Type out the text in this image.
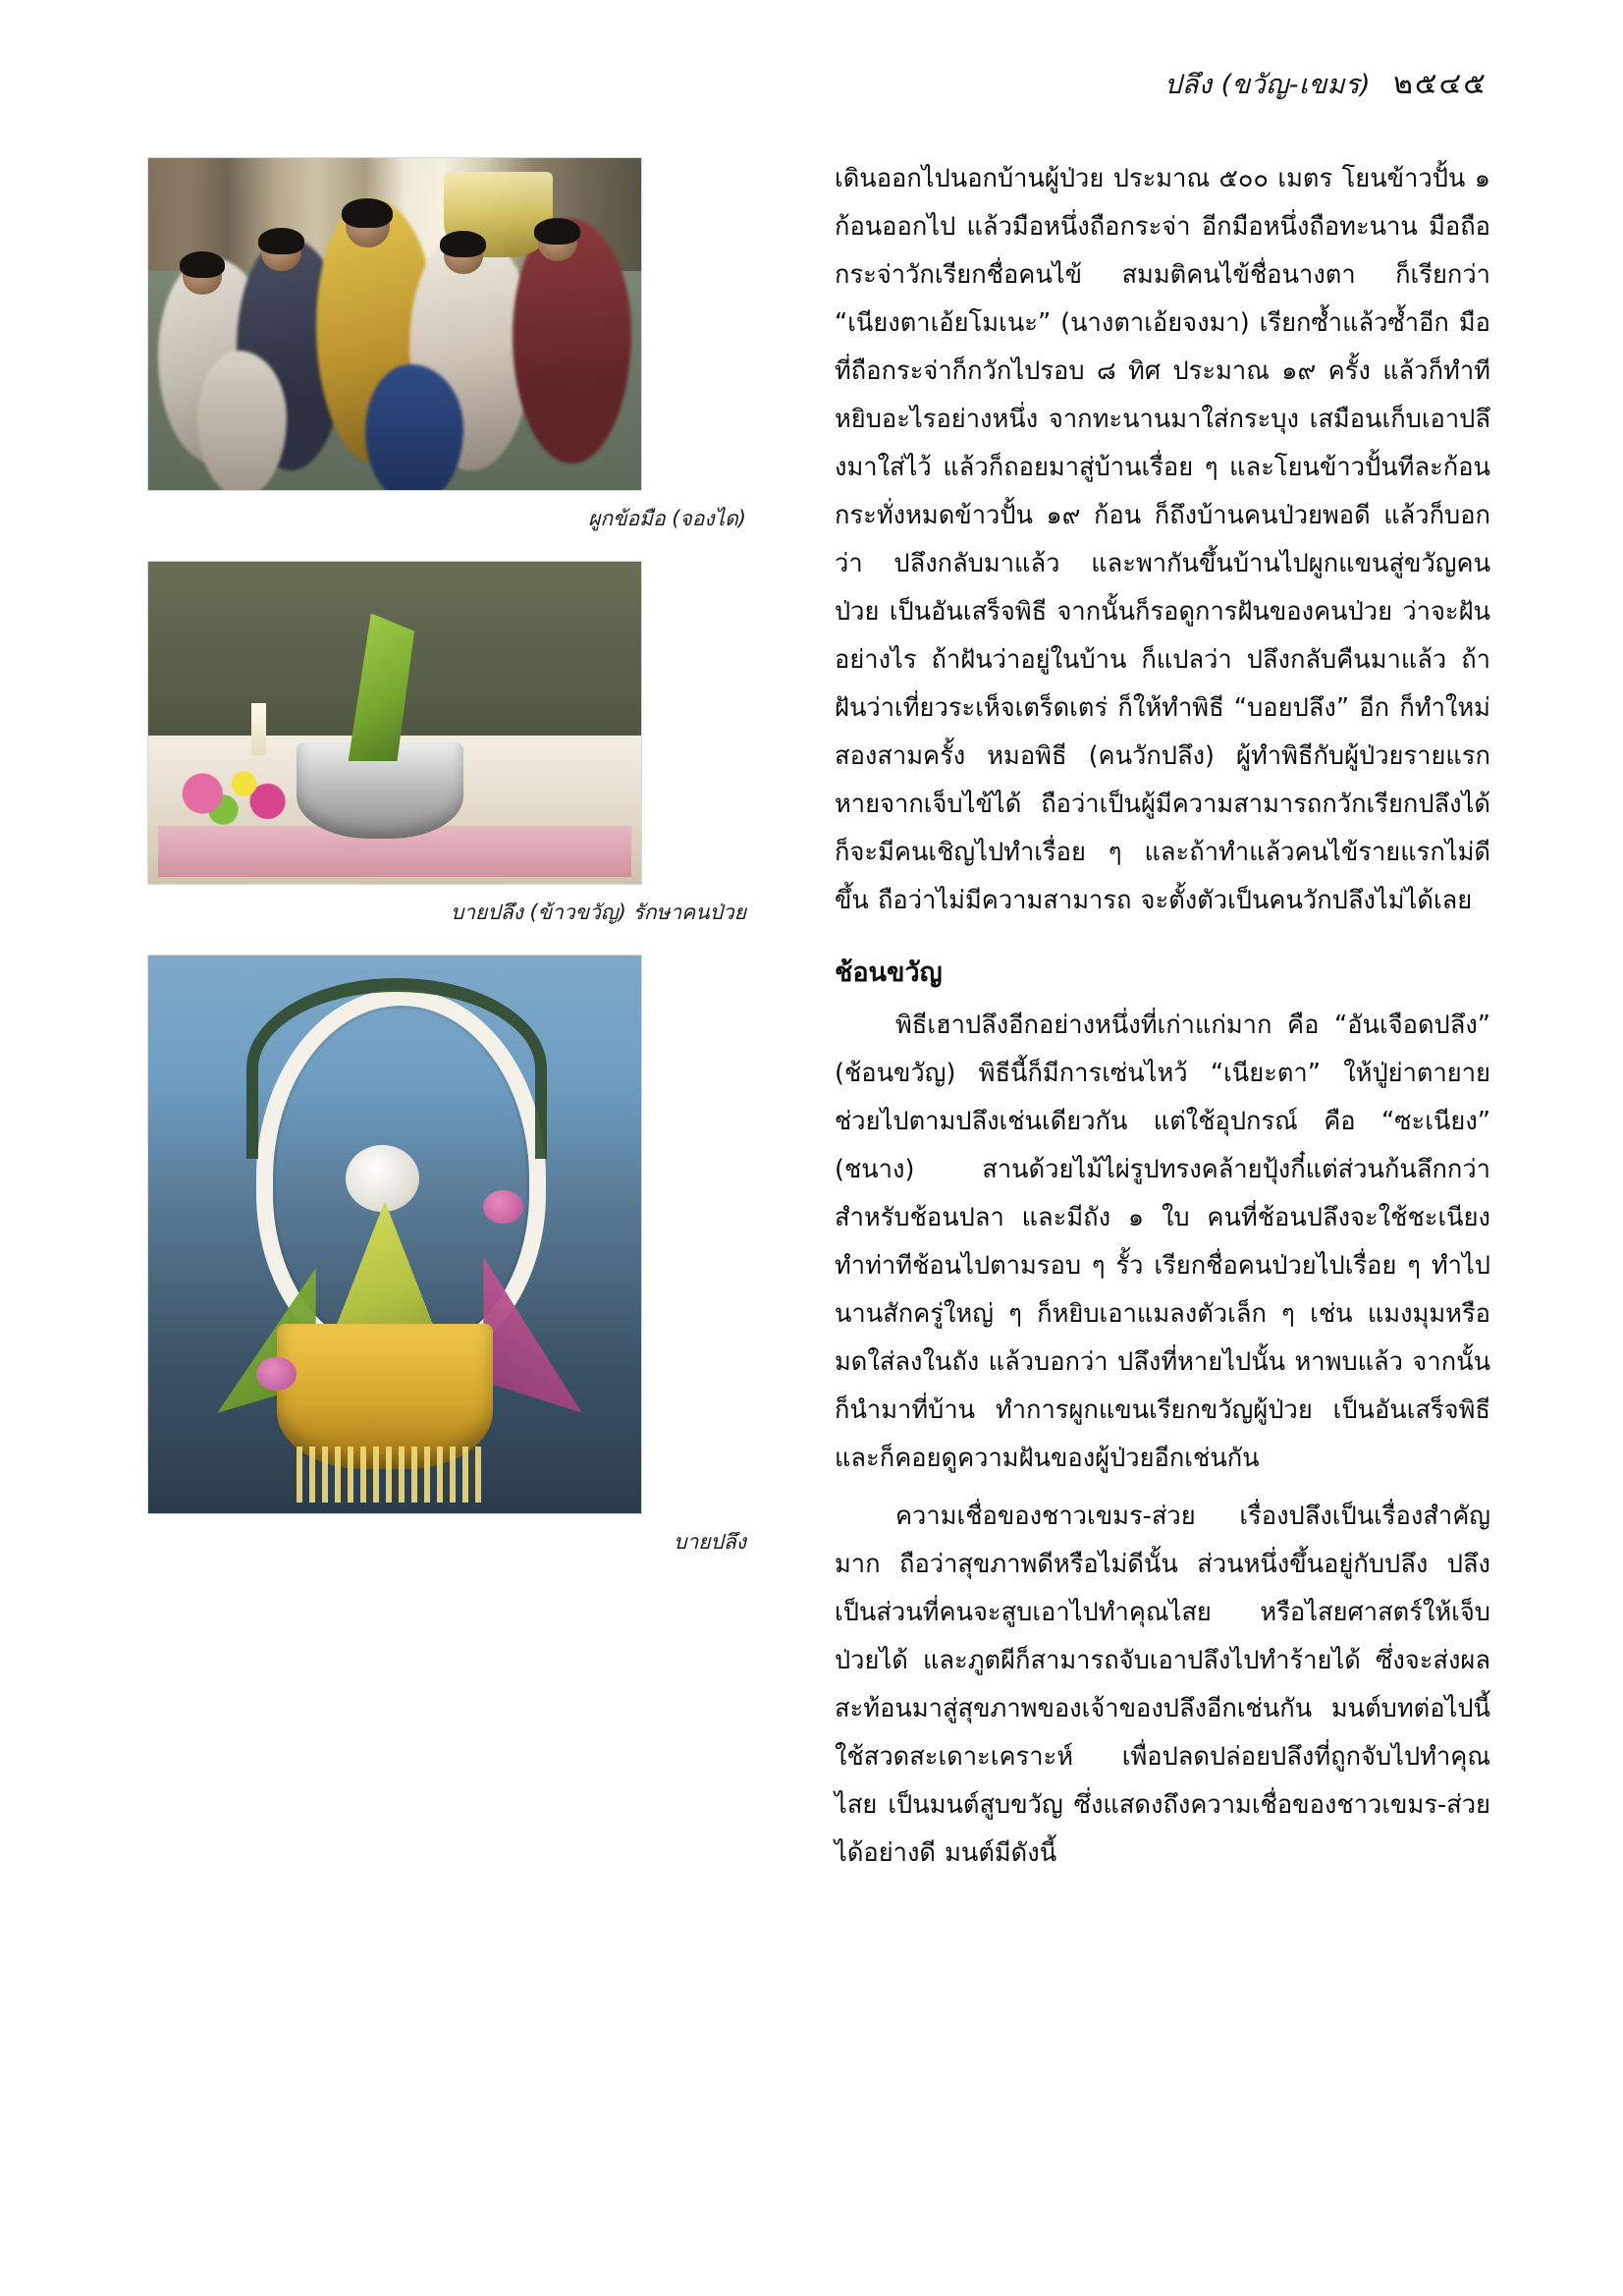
ปลึง (ขวัญ-เขมร) ๒๕๔๕
ผูกข้อมือ (จองได)
บายปลึง (ข้าวขวัญ) รักษาคนป่วย
บายปลึง

เดินออกไปนอกบ้านผู้ป่วย ประมาณ ๕๐๐ เมตร โยนข้าวปั้น ๑ ก้อนออกไป แล้วมือหนึ่งถือกระจ่า อีกมือหนึ่งถือทะนาน มือถือกระจ่าวักเรียกชื่อคนไข้ สมมติคนไข้ชื่อนางตา ก็เรียกว่า “เนียงตาเอ้ยโมเนะ” (นางตาเอ้ยจงมา) เรียกซ้ำแล้วซ้ำอีก มือที่ถือกระจ่าก็กวักไปรอบ ๘ ทิศ ประมาณ ๑๙ ครั้ง แล้วก็ทำทีหยิบอะไรอย่างหนึ่ง จากทะนานมาใส่กระบุง เสมือนเก็บเอาปลึงมาใส่ไว้ แล้วก็ถอยมาสู่บ้านเรื่อย ๆ และโยนข้าวปั้นทีละก้อน กระทั่งหมดข้าวปั้น ๑๙ ก้อน ก็ถึงบ้านคนป่วยพอดี แล้วก็บอกว่า ปลึงกลับมาแล้ว และพากันขึ้นบ้านไปผูกแขนสู่ขวัญคนป่วย เป็นอันเสร็จพิธี จากนั้นก็รอดูการฝันของคนป่วย ว่าจะฝันอย่างไร ถ้าฝันว่าอยู่ในบ้าน ก็แปลว่า ปลึงกลับคืนมาแล้ว ถ้าฝันว่าเที่ยวระเห็จเตร็ดเตร่ ก็ให้ทำพิธี “บอยปลึง” อีก ก็ทำใหม่สองสามครั้ง หมอพิธี (คนวักปลึง) ผู้ทำพิธีกับผู้ป่วยรายแรกหายจากเจ็บไข้ได้ ถือว่าเป็นผู้มีความสามารถกวักเรียกปลึงได้ ก็จะมีคนเชิญไปทำเรื่อย ๆ และถ้าทำแล้วคนไข้รายแรกไม่ดีขึ้น ถือว่าไม่มีความสามารถ จะตั้งตัวเป็นคนวักปลึงไม่ได้เลย

ช้อนขวัญ

พิธีเฮาปลึงอีกอย่างหนึ่งที่เก่าแก่มาก คือ “อันเจือดปลึง” (ช้อนขวัญ) พิธีนี้ก็มีการเซ่นไหว้ “เนียะตา” ให้ปู่ย่าตายายช่วยไปตามปลึงเช่นเดียวกัน แต่ใช้อุปกรณ์ คือ “ซะเนียง” (ชนาง) สานด้วยไม้ไผ่รูปทรงคล้ายปุ้งกี๋แต่ส่วนก้นลึกกว่า สำหรับช้อนปลา และมีถัง ๑ ใบ คนที่ช้อนปลึงจะใช้ชะเนียงทำท่าทีช้อนไปตามรอบ ๆ รั้ว เรียกชื่อคนป่วยไปเรื่อย ๆ ทำไปนานสักครู่ใหญ่ ๆ ก็หยิบเอาแมลงตัวเล็ก ๆ เช่น แมงมุมหรือมดใส่ลงในถัง แล้วบอกว่า ปลึงที่หายไปนั้น หาพบแล้ว จากนั้นก็นำมาที่บ้าน ทำการผูกแขนเรียกขวัญผู้ป่วย เป็นอันเสร็จพิธี และก็คอยดูความฝันของผู้ป่วยอีกเช่นกัน

ความเชื่อของชาวเขมร-ส่วย เรื่องปลึงเป็นเรื่องสำคัญมาก ถือว่าสุขภาพดีหรือไม่ดีนั้น ส่วนหนึ่งขึ้นอยู่กับปลึง ปลึงเป็นส่วนที่คนจะสูบเอาไปทำคุณไสย หรือไสยศาสตร์ให้เจ็บป่วยได้ และภูตผีก็สามารถจับเอาปลึงไปทำร้ายได้ ซึ่งจะส่งผลสะท้อนมาสู่สุขภาพของเจ้าของปลึงอีกเช่นกัน มนต์บทต่อไปนี้ใช้สวดสะเดาะเคราะห์ เพื่อปลดปล่อยปลึงที่ถูกจับไปทำคุณไสย เป็นมนต์สูบขวัญ ซึ่งแสดงถึงความเชื่อของชาวเขมร-ส่วยได้อย่างดี มนต์มีดังนี้
